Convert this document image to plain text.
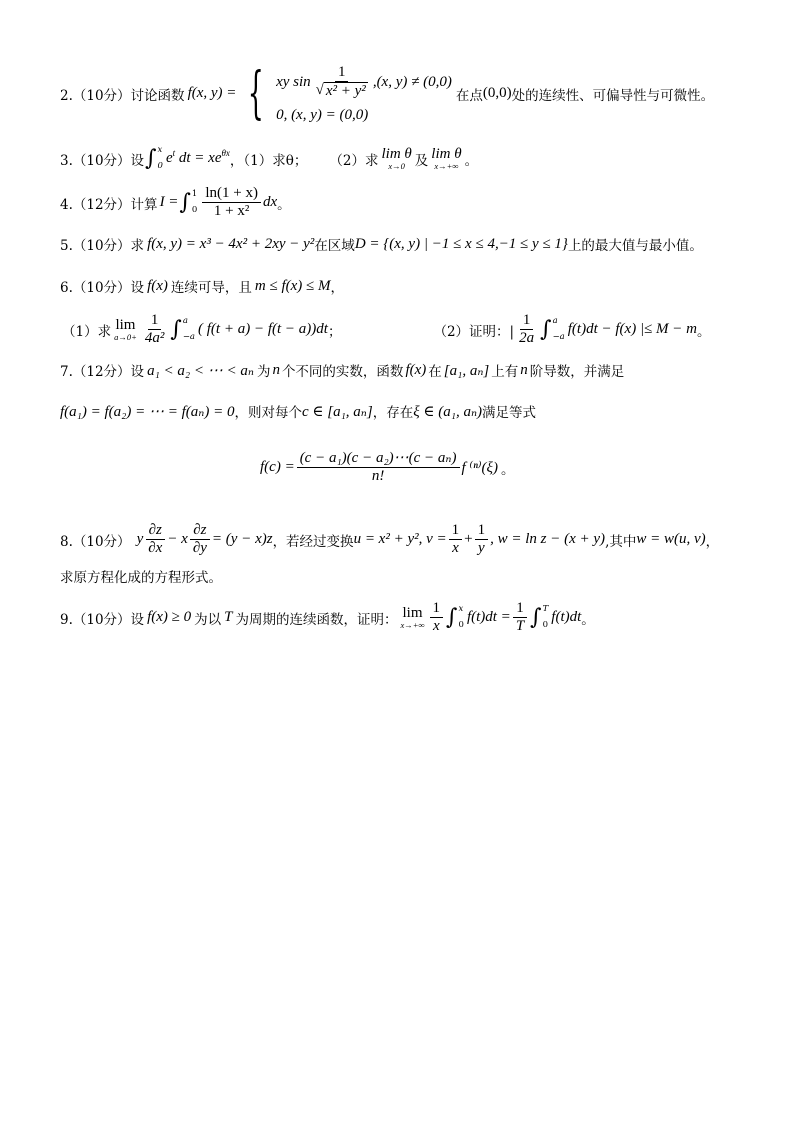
2.（10分）讨论函数 f(x, y) = { xy $\sin \frac{1}{\text{√ x² + y²}} ,(x$, y) ≠ (0,0)
0, (x, y) = (0,0)
在点 (0,0) 处的连续性、可偏导性与可微性。
3.（10分）设 ∫ x
0 $e^t$ dt = $xe^{\theta x}$ ，（1）求θ； （2）求 lim θ
x→0 及 lim θ
x→+∞ 。
4.（12分）计算 I = ∫ 1
$0 \frac{\ln(1 + x)}{\text{1 + x²}}$ dx 。
5.（10分）求 f(x, y) = x³ − 4x² + 2xy − y² 在区域 D = {(x, y) | −1 ≤ x ≤ 4,−1 ≤ y ≤ 1} 上的最大值与最小值。
6.（10分）设 f(x) 连续可导，且 m ≤ f(x) ≤ M ，
（1）求 lim
$a\to 0+ \frac{1}{\text{4a²}}$ ∫ a
−a ( f(t + a) − f(t − a))dt ；	（2）证明：| $\frac{1}{2a}$ ∫ a
−a f(t)dt − f(x) |≤ M − m 。
7.（12分）设 a₁ < a₂ < ⋯ < aₙ 为 n 个不同的实数，函数 f(x) 在 [a₁, aₙ] 上有 n 阶导数，并满足
f(a₁) = f(a₂) = ⋯ = f(aₙ) = 0 ，则对每个 c ∈ [a₁, aₙ] ，存在 ξ ∈ (a₁, aₙ) 满足等式
$f(c) = \frac{\text{(c − a₁)(c − a₂)⋯(c − aₙ)}}{n!}$ f ⁽ⁿ⁾(ξ) 。
8.（10分） y $\frac{\partial z}{\partial x} - x \frac{\partial z}{\partial y} = (y - x)z$ ，若经过变换 u = x² + y², $v = \frac{1}{x} + \frac{1}{y}$ , w = ln z − (x + y) ,其中 w = w(u, v) ，
求原方程化成的方程形式。
9.（10分）设 f(x) ≥ 0 为以 T 为周期的连续函数，证明： lim
$x\to+\infty \frac{1}{x}$ ∫ x
0 $f(t)dt = \frac{1}{T}$ ∫ T
0 f(t)dt 。
